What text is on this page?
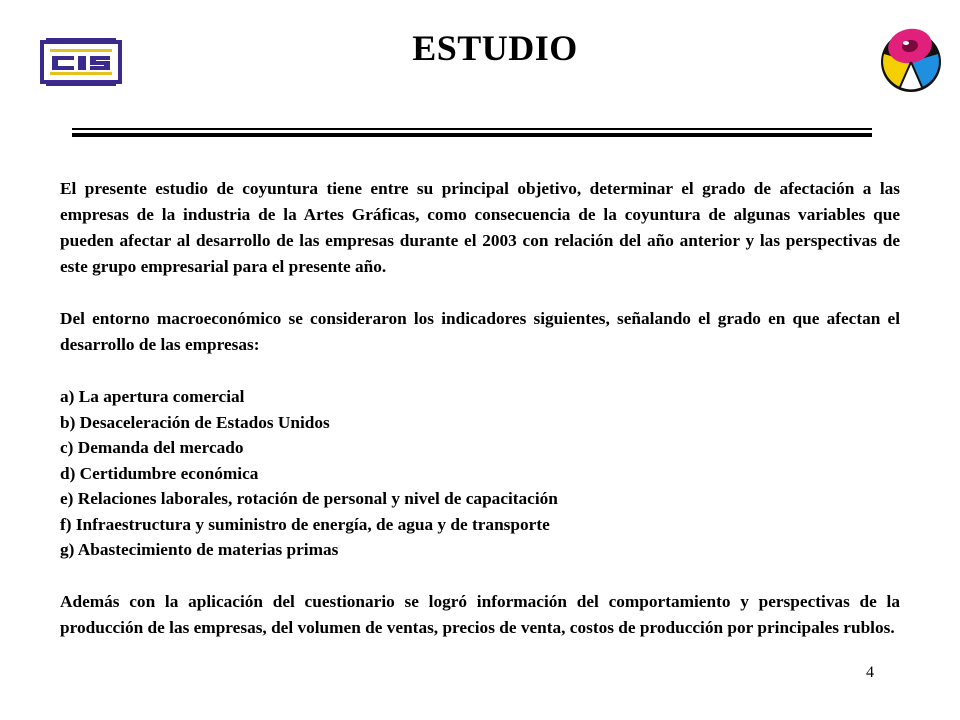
ESTUDIO

El presente estudio de coyuntura tiene entre su principal objetivo, determinar el grado de afectación a las empresas de la industria de la Artes Gráficas, como consecuencia de la coyuntura de algunas variables que pueden afectar al desarrollo de las empresas durante el 2003 con relación del año anterior y las perspectivas de este grupo empresarial para el presente año.

Del entorno macroeconómico se consideraron los indicadores siguientes, señalando el grado en que afectan el desarrollo de las empresas:

a) La apertura comercial
b) Desaceleración de Estados Unidos
c) Demanda del mercado
d) Certidumbre económica
e) Relaciones laborales, rotación de personal y nivel de capacitación
f) Infraestructura y suministro de energía, de agua y de transporte
g) Abastecimiento de materias primas

Además con la aplicación del cuestionario se logró información del comportamiento y perspectivas de la producción de las empresas, del volumen de ventas, precios de venta, costos de producción por principales rublos.

4
